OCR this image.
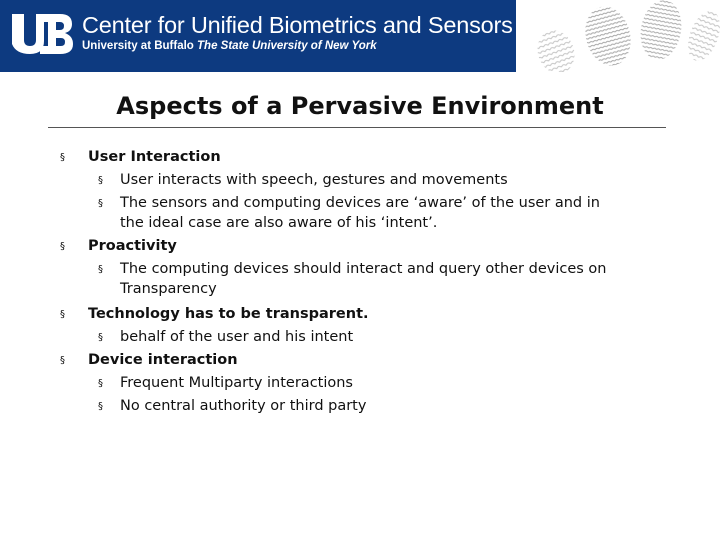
Center for Unified Biometrics and Sensors
University at Buffalo The State University of New York
Aspects of a Pervasive Environment
§ User Interaction
§ User interacts with speech, gestures and movements
§ The sensors and computing devices are ‘aware’ of the user and in
the ideal case are also aware of his ‘intent’.
§ Proactivity
§ The computing devices should interact and query other devices on
Transparency
§ Technology has to be transparent.
§ behalf of the user and his intent
§ Device interaction
§ Frequent Multiparty interactions
§ No central authority or third party
